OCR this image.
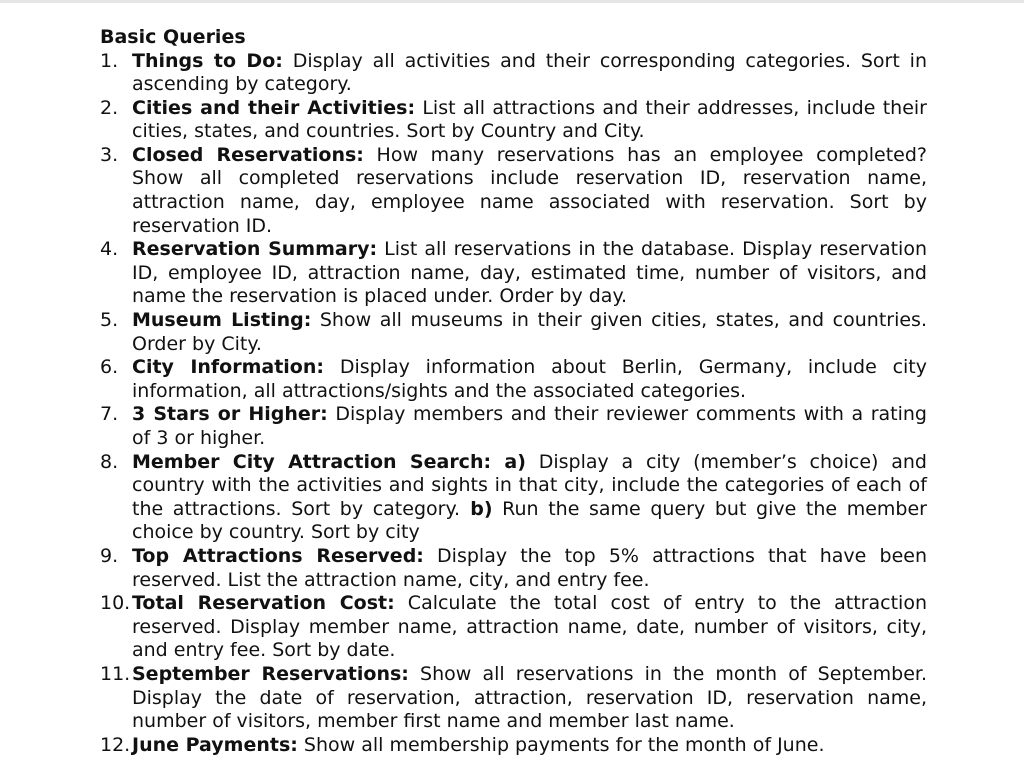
Basic Queries

1. Things to Do: Display all activities and their corresponding categories. Sort in ascending by category.
2. Cities and their Activities: List all attractions and their addresses, include their cities, states, and countries. Sort by Country and City.
3. Closed Reservations: How many reservations has an employee completed? Show all completed reservations include reservation ID, reservation name, attraction name, day, employee name associated with reservation. Sort by reservation ID.
4. Reservation Summary: List all reservations in the database. Display reservation ID, employee ID, attraction name, day, estimated time, number of visitors, and name the reservation is placed under. Order by day.
5. Museum Listing: Show all museums in their given cities, states, and countries. Order by City.
6. City Information: Display information about Berlin, Germany, include city information, all attractions/sights and the associated categories.
7. 3 Stars or Higher: Display members and their reviewer comments with a rating of 3 or higher.
8. Member City Attraction Search: a) Display a city (member’s choice) and country with the activities and sights in that city, include the categories of each of the attractions. Sort by category. b) Run the same query but give the member choice by country. Sort by city
9. Top Attractions Reserved: Display the top 5% attractions that have been reserved. List the attraction name, city, and entry fee.
10. Total Reservation Cost: Calculate the total cost of entry to the attraction reserved. Display member name, attraction name, date, number of visitors, city, and entry fee. Sort by date.
11. September Reservations: Show all reservations in the month of September. Display the date of reservation, attraction, reservation ID, reservation name, number of visitors, member first name and member last name.
12. June Payments: Show all membership payments for the month of June.
